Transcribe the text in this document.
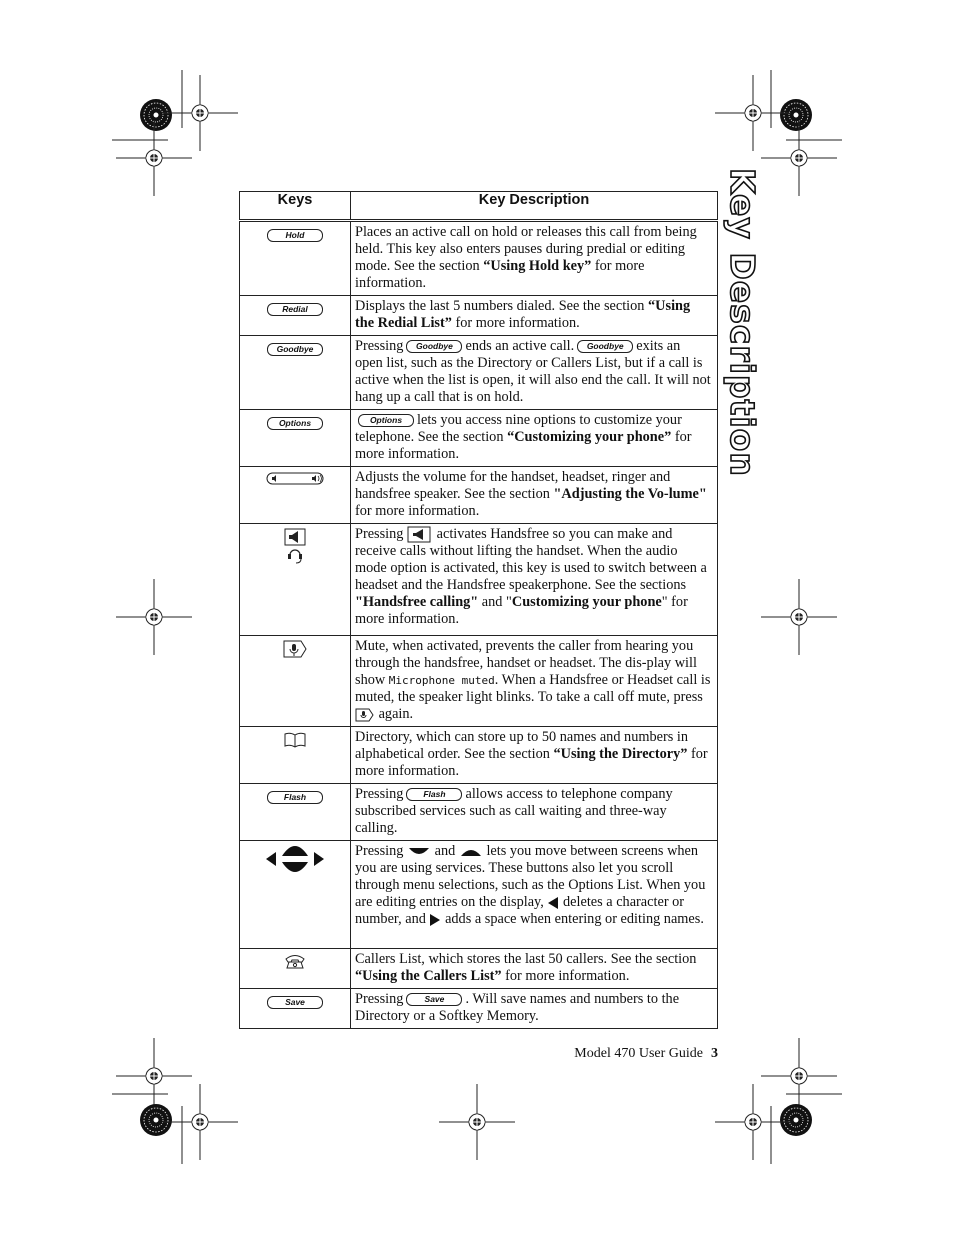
Key Description
Keys	Key Description
Hold	Places an active call on hold or releases this call from being held. This key also enters pauses during predial or editing mode. See the section “Using Hold key” for more information.
Redial	Displays the last 5 numbers dialed. See the section “Using the Redial List” for more information.
Goodbye	Pressing Goodbye ends an active call. Goodbye exits an open list, such as the Directory or Callers List, but if a call is active when the list is open, it will also end the call. It will not hang up a call that is on hold.
Options	Options lets you access nine options to customize your telephone. See the section “Customizing your phone” for more information.
	Adjusts the volume for the handset, headset, ringer and handsfree speaker. See the section "Adjusting the Vo-lume" for more information.
	Pressing activates Handsfree so you can make and receive calls without lifting the handset. When the audio mode option is activated, this key is used to switch between a headset and the Handsfree speakerphone. See the sections "Handsfree calling" and "Customizing your phone" for more information.
	Mute, when activated, prevents the caller from hearing you through the handsfree, handset or headset. The dis-play will show Microphone muted. When a Handsfree or Headset call is muted, the speaker light blinks. To take a call off mute, press  again.
	Directory, which can store up to 50 names and numbers in alphabetical order. See the section “Using the Directory” for more information.
Flash	Pressing Flash allows access to telephone company subscribed services such as call waiting and three-way calling.
	Pressing and lets you move between screens when you are using services. These buttons also let you scroll through menu selections, such as the Options List. When you are editing entries on the display, deletes a character or number, and adds a space when entering or editing names.
	Callers List, which stores the last 50 callers. See the section “Using the Callers List” for more information.
Save	Pressing Save . Will save names and numbers to the Directory or a Softkey Memory.
Model 470 User Guide 3
